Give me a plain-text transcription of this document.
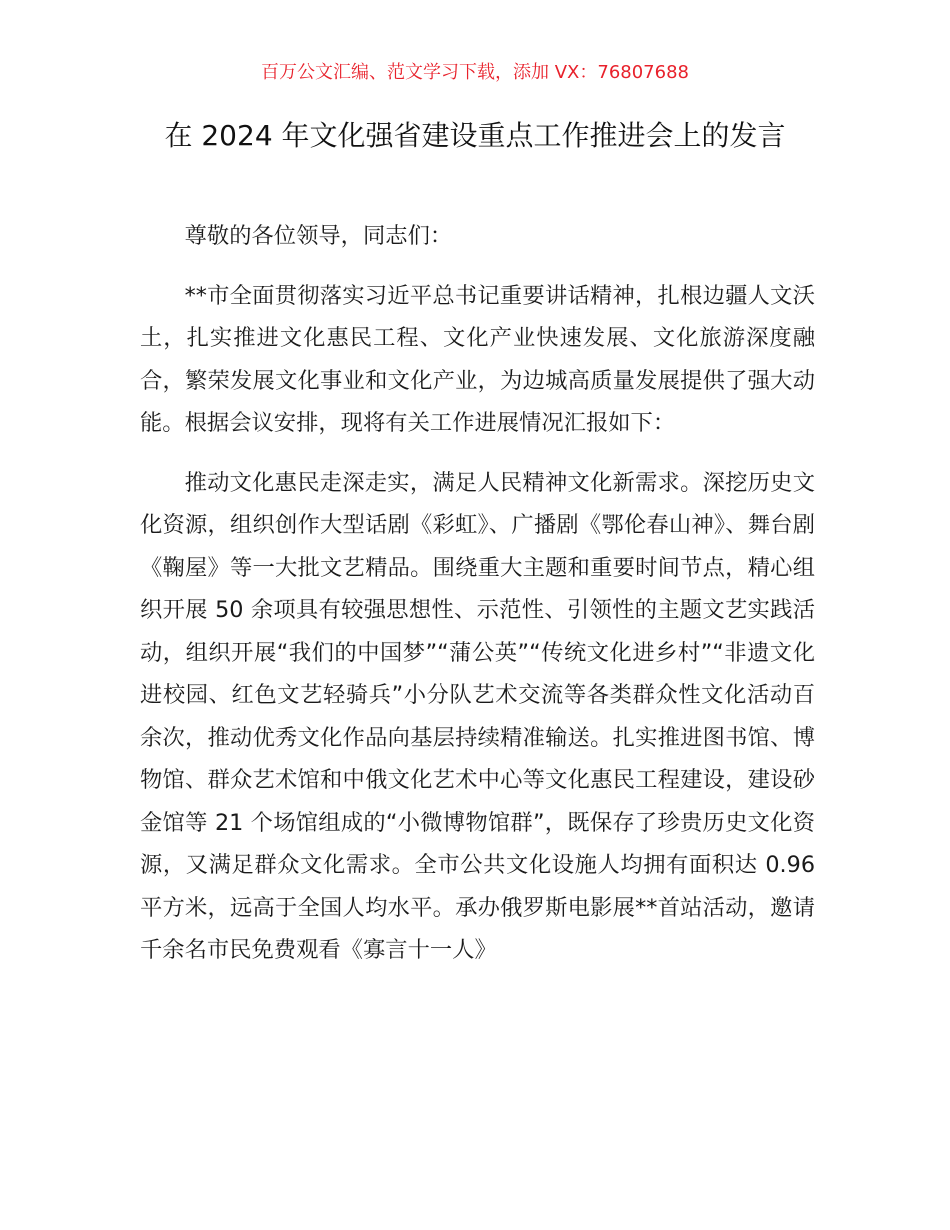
百万公文汇编、范文学习下载，添加 VX：76807688
在 2024 年文化强省建设重点工作推进会上的发言

尊敬的各位领导，同志们：

**市全面贯彻落实习近平总书记重要讲话精神，扎根边疆人文沃土，扎实推进文化惠民工程、文化产业快速发展、文化旅游深度融合，繁荣发展文化事业和文化产业，为边城高质量发展提供了强大动能。根据会议安排，现将有关工作进展情况汇报如下：

推动文化惠民走深走实，满足人民精神文化新需求。深挖历史文化资源，组织创作大型话剧《彩虹》、广播剧《鄂伦春山神》、舞台剧《鞠屋》等一大批文艺精品。围绕重大主题和重要时间节点，精心组织开展 50 余项具有较强思想性、示范性、引领性的主题文艺实践活动，组织开展“我们的中国梦”“蒲公英”“传统文化进乡村”“非遗文化进校园、红色文艺轻骑兵”小分队艺术交流等各类群众性文化活动百余次，推动优秀文化作品向基层持续精准输送。扎实推进图书馆、博物馆、群众艺术馆和中俄文化艺术中心等文化惠民工程建设，建设砂金馆等 21 个场馆组成的“小微博物馆群”，既保存了珍贵历史文化资源，又满足群众文化需求。全市公共文化设施人均拥有面积达 0.96 平方米，远高于全国人均水平。承办俄罗斯电影展**首站活动，邀请千余名市民免费观看《寡言十一人》
